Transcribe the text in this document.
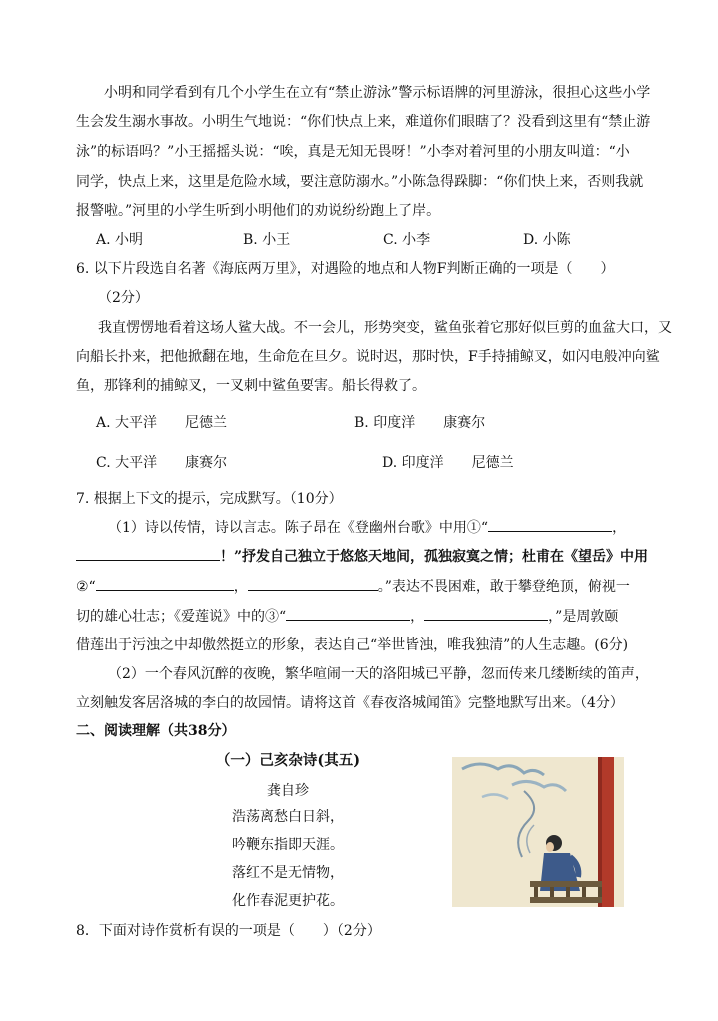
小明和同学看到有几个小学生在立有“禁止游泳”警示标语牌的河里游泳，很担心这些小学
生会发生溺水事故。小明生气地说：“你们快点上来，难道你们眼瞎了？没看到这里有“禁止游
泳”的标语吗？”小王摇摇头说：“唉，真是无知无畏呀！”小李对着河里的小朋友叫道：“小
同学，快点上来，这里是危险水域，要注意防溺水。”小陈急得跺脚：“你们快上来，否则我就
报警啦。”河里的小学生听到小明他们的劝说纷纷跑上了岸。
A. 小明	B. 小王	C. 小李	D. 小陈
6. 以下片段选自名著《海底两万里》，对遇险的地点和人物F判断正确的一项是（　　）
（2分）
我直愣愣地看着这场人鲨大战。不一会儿，形势突变，鲨鱼张着它那好似巨剪的血盆大口，又
向船长扑来，把他掀翻在地，生命危在旦夕。说时迟，那时快，F手持捕鲸叉，如闪电般冲向鲨
鱼，那锋利的捕鲸叉，一叉刺中鲨鱼要害。船长得救了。
A. 大平洋　　尼德兰	B. 印度洋　　康赛尔
C. 大平洋　　康赛尔	D. 印度洋　　尼德兰
7. 根据上下文的提示，完成默写。（10分）
（1）诗以传情，诗以言志。陈子昂在《登幽州台歌》中用①“	，
！”抒发自己独立于悠悠天地间，孤独寂寞之情；杜甫在《望岳》中用
②“	，	。”表达不畏困难，敢于攀登绝顶，俯视一
切的雄心壮志；《爱莲说》中的③“	，	，”是周敦颐
借莲出于污浊之中却傲然挺立的形象，表达自己“举世皆浊，唯我独清”的人生志趣。(6分)
（2）一个春风沉醉的夜晚，繁华喧闹一天的洛阳城已平静，忽而传来几缕断续的笛声，
立刻触发客居洛城的李白的故园情。请将这首《春夜洛城闻笛》完整地默写出来。（4分）
二、阅读理解（共38分）
（一）己亥杂诗(其五)
龚自珍
浩荡离愁白日斜，
吟鞭东指即天涯。
落红不是无情物，
化作春泥更护花。
8．下面对诗作赏析有误的一项是（　　）（2分）
